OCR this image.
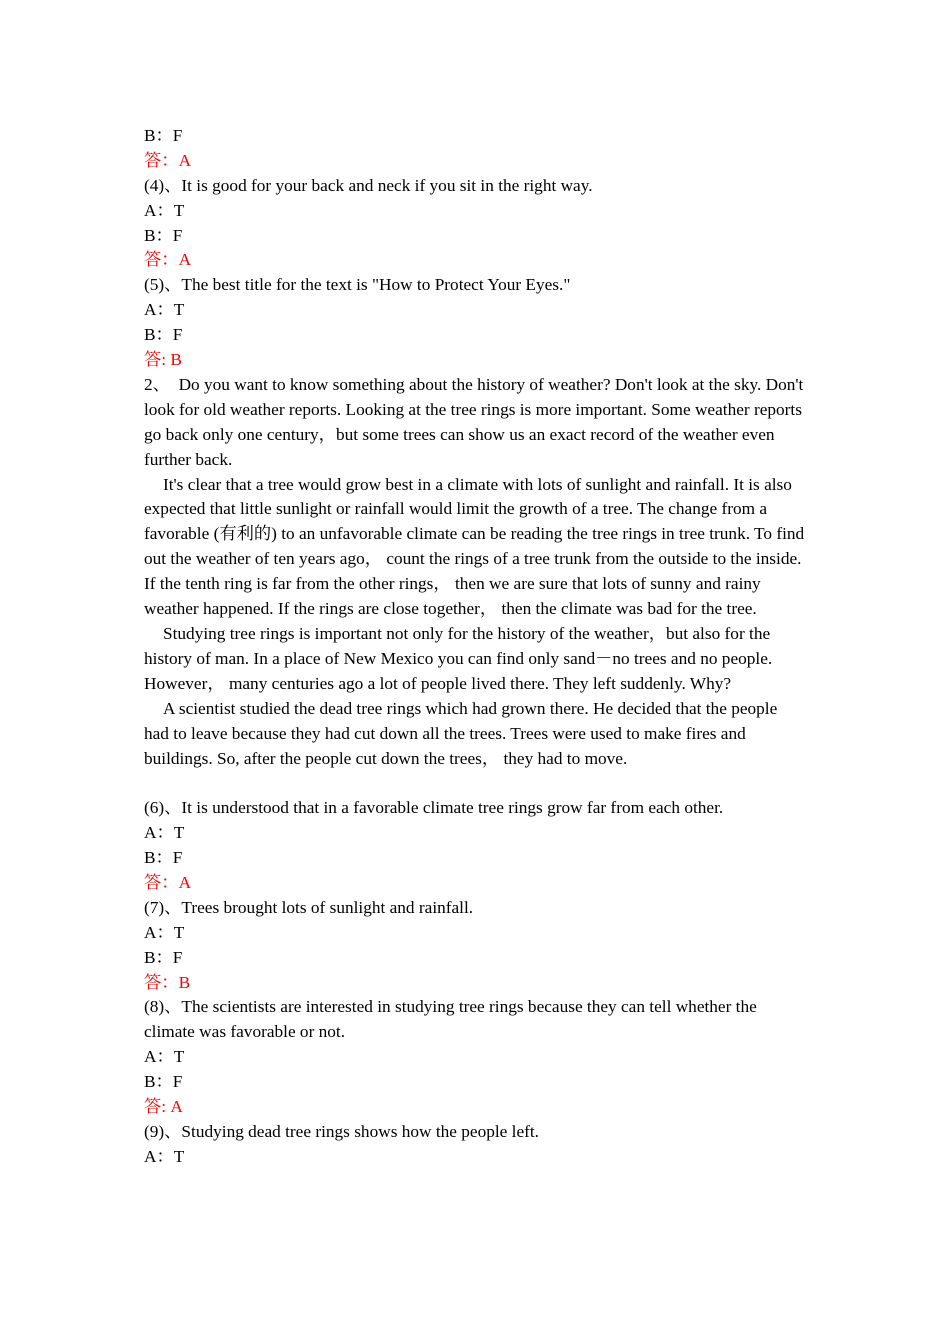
B：F
答：A
(4)、It is good for your back and neck if you sit in the right way.
A：T
B：F
答：A
(5)、The best title for the text is "How to Protect Your Eyes."
A：T
B：F
答: B
2、  Do you want to know something about the history of weather? Don't look at the sky. Don't look for old weather reports. Looking at the tree rings is more important. Some weather reports go back only one century，but some trees can show us an exact record of the weather even further back.
It's clear that a tree would grow best in a climate with lots of sunlight and rainfall. It is also expected that little sunlight or rainfall would limit the growth of a tree. The change from a favorable (有利的) to an unfavorable climate can be reading the tree rings in tree trunk. To find out the weather of ten years ago， count the rings of a tree trunk from the outside to the inside. If the tenth ring is far from the other rings， then we are sure that lots of sunny and rainy weather happened. If the rings are close together， then the climate was bad for the tree.
Studying tree rings is important not only for the history of the weather，but also for the history of man. In a place of New Mexico you can find only sand－no trees and no people. However， many centuries ago a lot of people lived there. They left suddenly. Why?
A scientist studied the dead tree rings which had grown there. He decided that the people had to leave because they had cut down all the trees. Trees were used to make fires and buildings. So, after the people cut down the trees， they had to move.
(6)、It is understood that in a favorable climate tree rings grow far from each other.
A：T
B：F
答：A
(7)、Trees brought lots of sunlight and rainfall.
A：T
B：F
答：B
(8)、The scientists are interested in studying tree rings because they can tell whether the climate was favorable or not.
A：T
B：F
答: A
(9)、Studying dead tree rings shows how the people left.
A：T
